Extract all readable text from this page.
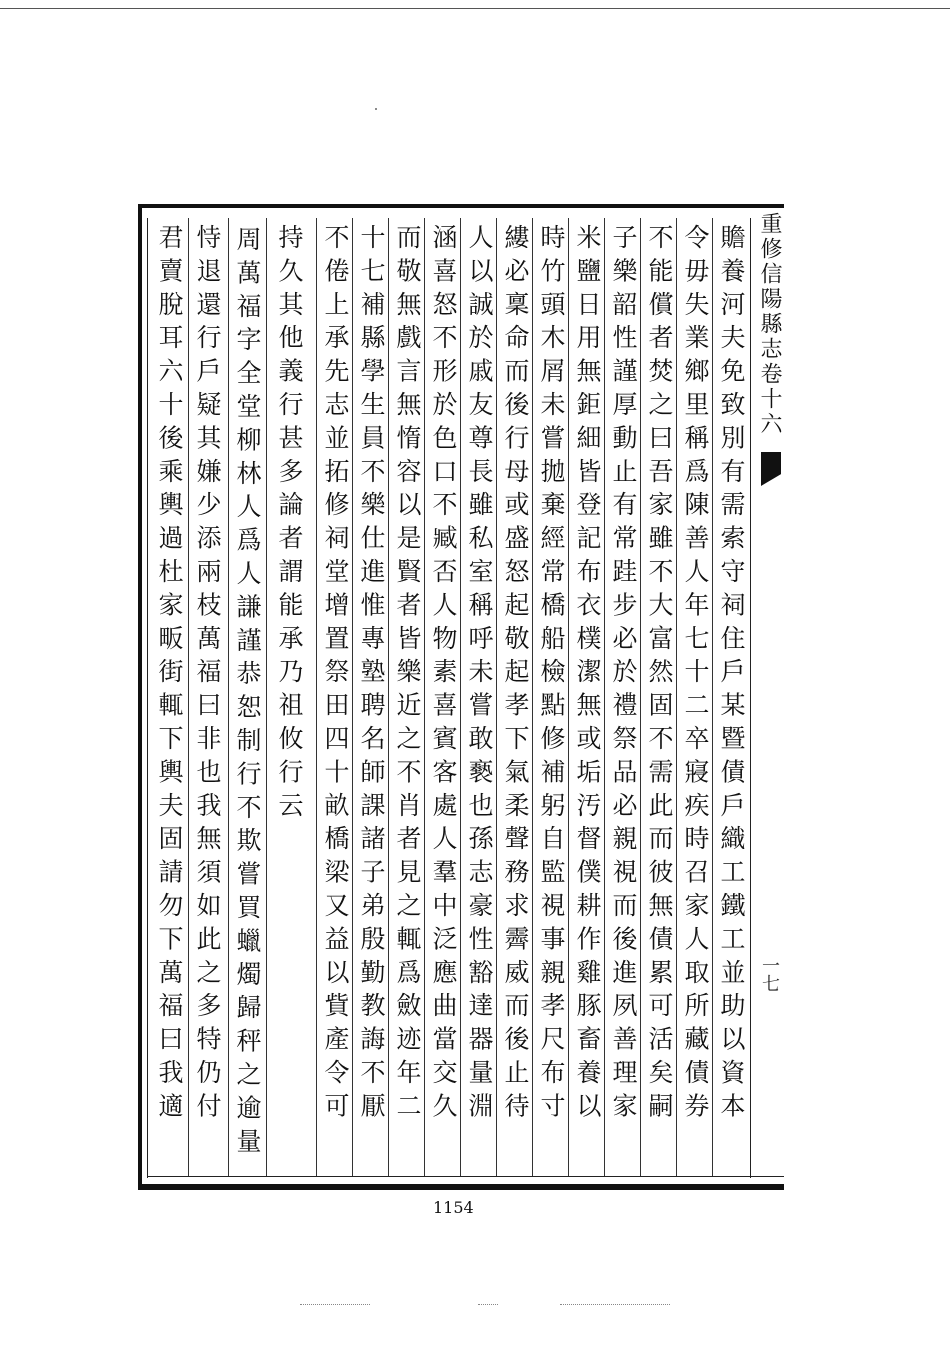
重修信陽縣志卷十六
一七
贍養河夫免致別有需索守祠住戶某暨債戶織工鐵工並助以資本
令毋失業鄉里稱爲陳善人年七十二卒寢疾時召家人取所藏債券
不能償者焚之曰吾家雖不大富然固不需此而彼無債累可活矣嗣
子樂韶性謹厚動止有常跬步必於禮祭品必親視而後進夙善理家
米鹽日用無鉅細皆登記布衣樸潔無或垢汚督僕耕作雞豚畜養以
時竹頭木屑未嘗拋棄經常橋船檢點修補躬自監視事親孝尺布寸
縷必稟命而後行母或盛怒起敬起孝下氣柔聲務求霽威而後止待
人以誠於戚友尊長雖私室稱呼未嘗敢褻也孫志豪性豁達器量淵
涵喜怒不形於色口不臧否人物素喜賓客處人羣中泛應曲當交久
而敬無戲言無惰容以是賢者皆樂近之不肖者見之輒爲斂迹年二
十七補縣學生員不樂仕進惟專塾聘名師課諸子弟殷勤教誨不厭
不倦上承先志並拓修祠堂增置祭田四十畝橋梁又益以貲產令可
持久其他義行甚多論者謂能承乃祖攸行云
周萬福字全堂柳林人爲人謙謹恭恕制行不欺嘗買蠟燭歸秤之逾量
恃退還行戶疑其嫌少添兩枝萬福曰非也我無須如此之多特仍付
君賣脫耳六十後乘輿過杜家畈街輒下輿夫固請勿下萬福曰我適
1154
